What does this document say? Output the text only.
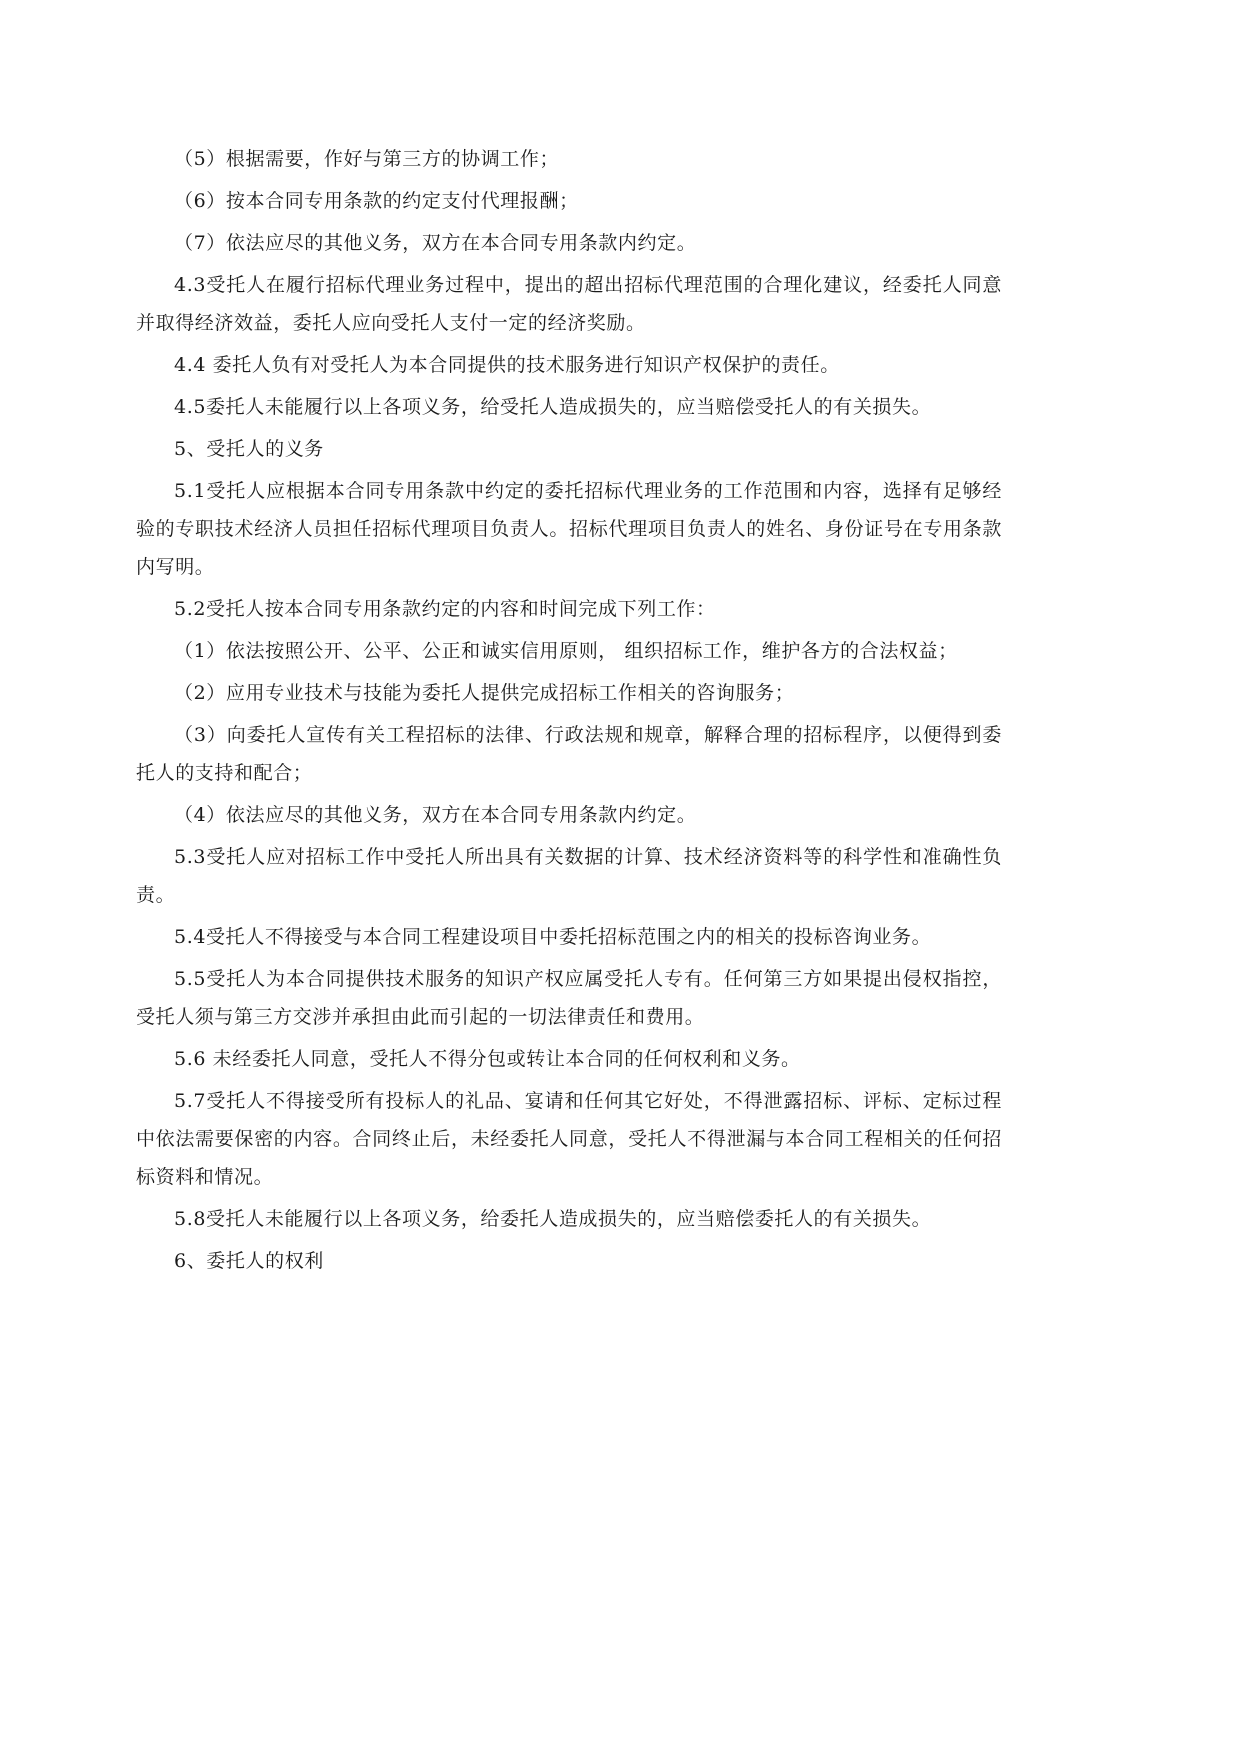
（5）根据需要，作好与第三方的协调工作；

（6）按本合同专用条款的约定支付代理报酬；

（7）依法应尽的其他义务，双方在本合同专用条款内约定。

4.3受托人在履行招标代理业务过程中，提出的超出招标代理范围的合理化建议，经委托人同意并取得经济效益，委托人应向受托人支付一定的经济奖励。

4.4 委托人负有对受托人为本合同提供的技术服务进行知识产权保护的责任。

4.5委托人未能履行以上各项义务，给受托人造成损失的，应当赔偿受托人的有关损失。

5、受托人的义务

5.1受托人应根据本合同专用条款中约定的委托招标代理业务的工作范围和内容，选择有足够经验的专职技术经济人员担任招标代理项目负责人。招标代理项目负责人的姓名、身份证号在专用条款内写明。

5.2受托人按本合同专用条款约定的内容和时间完成下列工作：

（1）依法按照公开、公平、公正和诚实信用原则， 组织招标工作，维护各方的合法权益；

（2）应用专业技术与技能为委托人提供完成招标工作相关的咨询服务；

（3）向委托人宣传有关工程招标的法律、行政法规和规章，解释合理的招标程序，以便得到委托人的支持和配合；

（4）依法应尽的其他义务，双方在本合同专用条款内约定。

5.3受托人应对招标工作中受托人所出具有关数据的计算、技术经济资料等的科学性和准确性负责。

5.4受托人不得接受与本合同工程建设项目中委托招标范围之内的相关的投标咨询业务。

5.5受托人为本合同提供技术服务的知识产权应属受托人专有。任何第三方如果提出侵权指控，受托人须与第三方交涉并承担由此而引起的一切法律责任和费用。

5.6 未经委托人同意，受托人不得分包或转让本合同的任何权利和义务。

5.7受托人不得接受所有投标人的礼品、宴请和任何其它好处，不得泄露招标、评标、定标过程中依法需要保密的内容。合同终止后，未经委托人同意，受托人不得泄漏与本合同工程相关的任何招标资料和情况。

5.8受托人未能履行以上各项义务，给委托人造成损失的，应当赔偿委托人的有关损失。

6、委托人的权利
